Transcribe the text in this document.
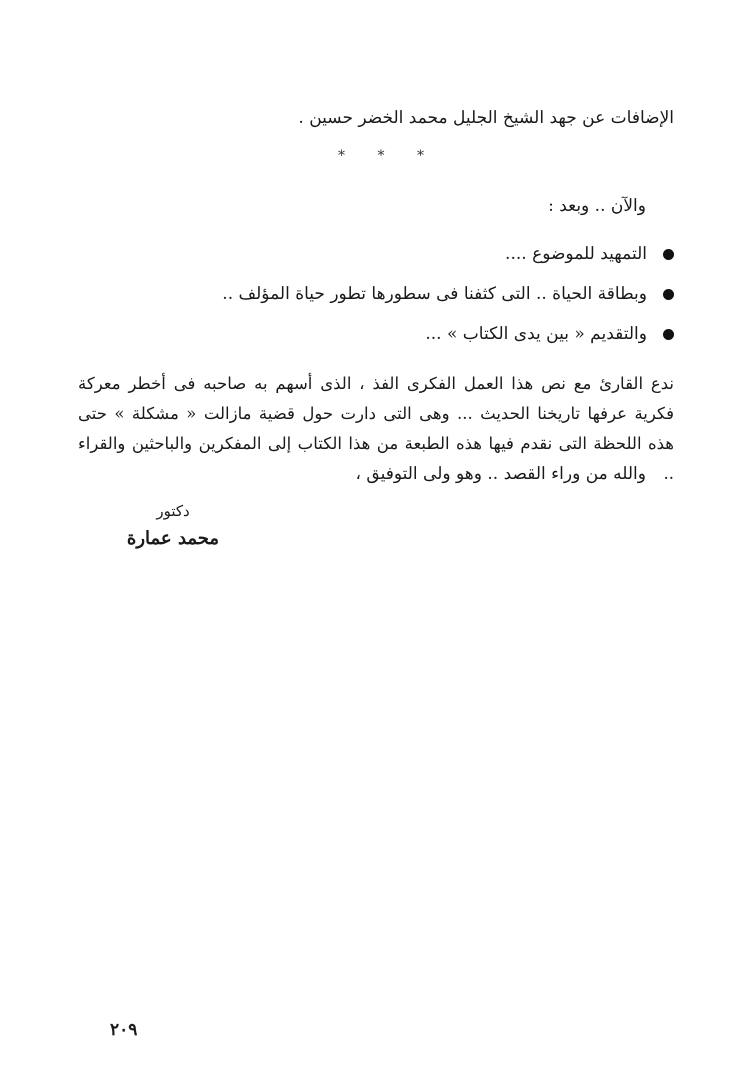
الإضافات عن جهد الشيخ الجليل محمد الخضر حسين .
* * *
والآن .. وبعد :
التمهيد للموضوع ....
وبطاقة الحياة .. التى كثفنا فى سطورها تطور حياة المؤلف ..
والتقديم « بين يدى الكتاب » ...

ندع القارئ مع نص هذا العمل الفكرى الفذ ، الذى أسهم به صاحبه فى أخطر معركة فكرية عرفها تاريخنا الحديث ... وهى التى دارت حول قضية مازالت « مشكلة » حتى هذه اللحظة التى نقدم فيها هذه الطبعة من هذا الكتاب إلى المفكرين والباحثين والقراء ..

والله من وراء القصد .. وهو ولى التوفيق ،
دكتور
محمد عمارة
٢٠٩
